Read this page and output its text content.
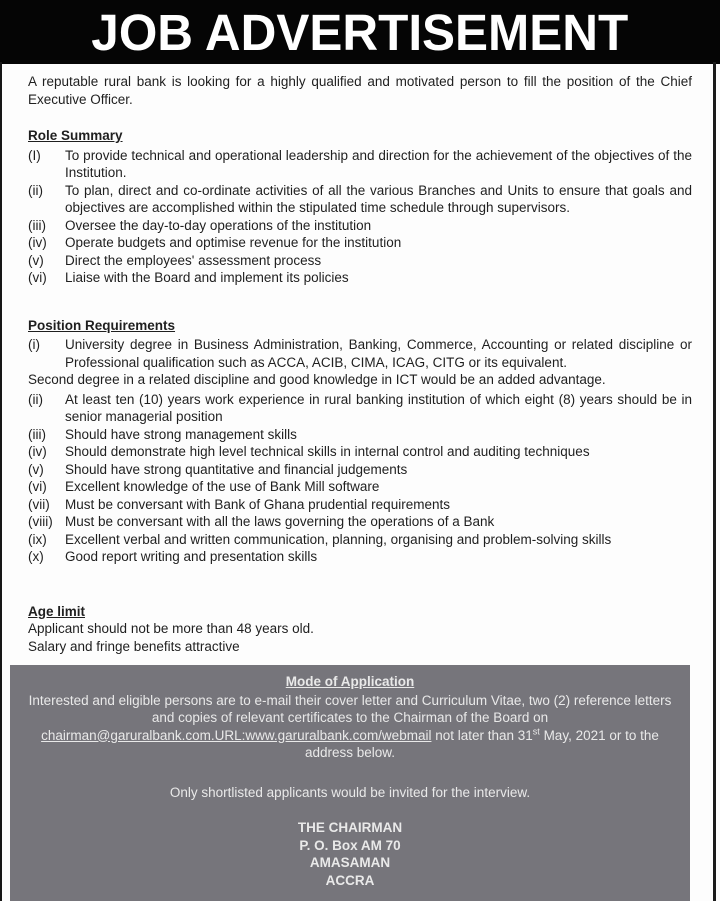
JOB ADVERTISEMENT

A reputable rural bank is looking for a highly qualified and motivated person to fill the position of the Chief Executive Officer.

Role Summary
(I) To provide technical and operational leadership and direction for the achievement of the objectives of the Institution.
(ii) To plan, direct and co-ordinate activities of all the various Branches and Units to ensure that goals and objectives are accomplished within the stipulated time schedule through supervisors.
(iii) Oversee the day-to-day operations of the institution
(iv) Operate budgets and optimise revenue for the institution
(v) Direct the employees' assessment process
(vi) Liaise with the Board and implement its policies
Position Requirements
(i) University degree in Business Administration, Banking, Commerce, Accounting or related discipline or Professional qualification such as ACCA, ACIB, CIMA, ICAG, CITG or its equivalent.

Second degree in a related discipline and good knowledge in ICT would be an added advantage.

(ii) At least ten (10) years work experience in rural banking institution of which eight (8) years should be in senior managerial position
(iii) Should have strong management skills
(iv) Should demonstrate high level technical skills in internal control and auditing techniques
(v) Should have strong quantitative and financial judgements
(vi) Excellent knowledge of the use of Bank Mill software
(vii) Must be conversant with Bank of Ghana prudential requirements
(viii) Must be conversant with all the laws governing the operations of a Bank
(ix) Excellent verbal and written communication, planning, organising and problem-solving skills
(x) Good report writing and presentation skills
Age limit

Applicant should not be more than 48 years old.

Salary and fringe benefits attractive

Mode of Application

Interested and eligible persons are to e-mail their cover letter and Curriculum Vitae, two (2) reference letters and copies of relevant certificates to the Chairman of the Board on chairman@garuralbank.com.URL:www.garuralbank.com/webmail not later than 31st May, 2021 or to the address below.

Only shortlisted applicants would be invited for the interview.

THE CHAIRMAN
P. O. Box AM 70
AMASAMAN
ACCRA
